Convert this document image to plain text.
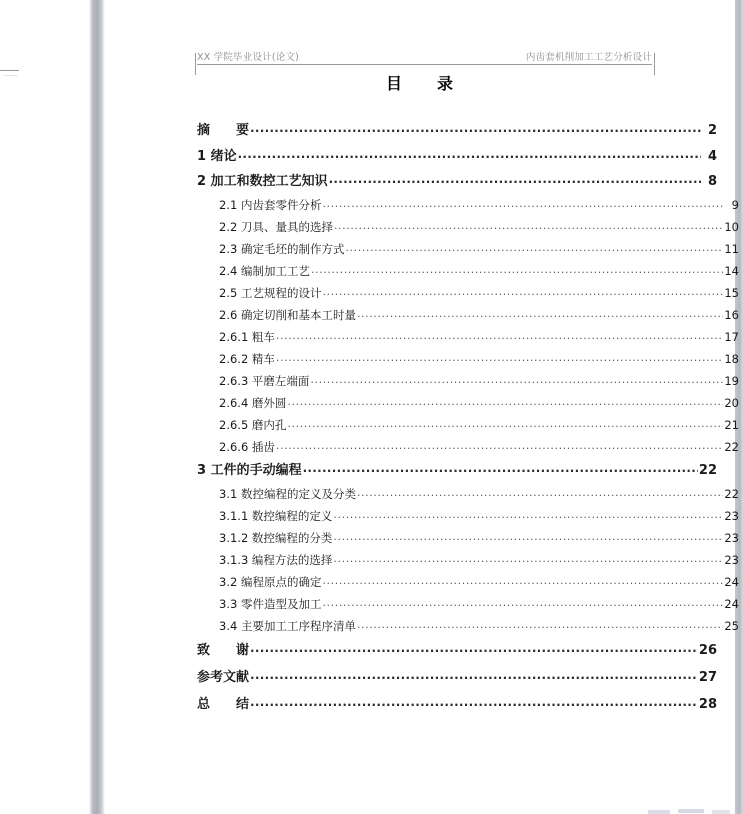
XX 学院毕业设计(论文)	内齿套机削加工工艺分析设计
目　　录
摘　　要 .....	2
1 绪论 .....	4
2 加工和数控工艺知识 .....	8
2.1 内齿套零件分析 .....	9
2.2 刀具、量具的选择 .....	10
2.3 确定毛坯的制作方式 .....	11
2.4 编制加工工艺 .....	14
2.5 工艺规程的设计 .....	15
2.6 确定切削和基本工时量 .....	16
2.6.1 粗车 .....	17
2.6.2 精车 .....	18
2.6.3 平磨左端面 .....	19
2.6.4 磨外圆 .....	20
2.6.5 磨内孔 .....	21
2.6.6 插齿 .....	22
3 工件的手动编程 .....	22
3.1 数控编程的定义及分类 .....	22
3.1.1 数控编程的定义 .....	23
3.1.2 数控编程的分类 .....	23
3.1.3 编程方法的选择 .....	23
3.2 编程原点的确定 .....	24
3.3 零件造型及加工 .....	24
3.4 主要加工工序程序清单 .....	25
致　　谢 .....	26
参考文献 .....	27
总　　结 .....	28
